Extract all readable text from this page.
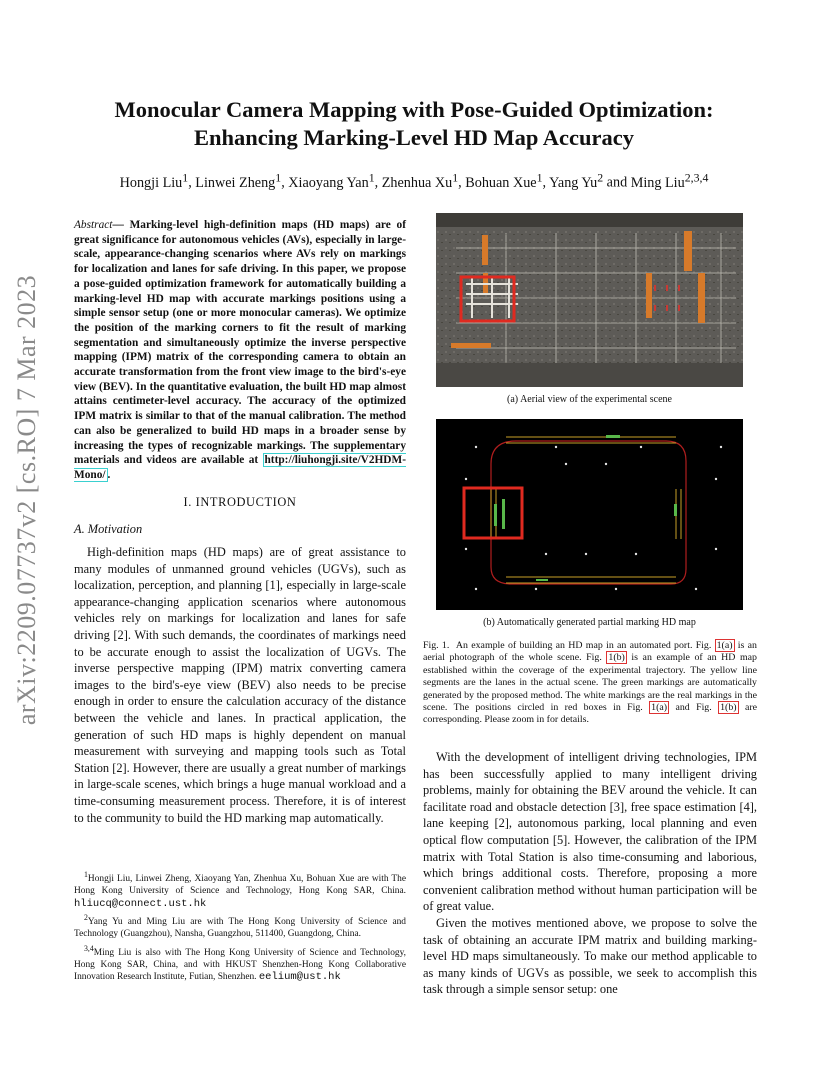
arXiv:2209.07737v2 [cs.RO] 7 Mar 2023
Monocular Camera Mapping with Pose-Guided Optimization:
Enhancing Marking-Level HD Map Accuracy
Hongji Liu$^1$, Linwei Zheng$^1$, Xiaoyang Yan$^1$, Zhenhua Xu$^1$, Bohuan Xue$^1$, Yang Yu$^2$ and Ming Liu$^{2,3,4}$
Abstract— Marking-level high-definition maps (HD maps) are of great significance for autonomous vehicles (AVs), especially in large-scale, appearance-changing scenarios where AVs rely on markings for localization and lanes for safe driving. In this paper, we propose a pose-guided optimization framework for automatically building a marking-level HD map with accurate markings positions using a simple sensor setup (one or more monocular cameras). We optimize the position of the marking corners to fit the result of marking segmentation and simultaneously optimize the inverse perspective mapping (IPM) matrix of the corresponding camera to obtain an accurate transformation from the front view image to the bird's-eye view (BEV). In the quantitative evaluation, the built HD map almost attains centimeter-level accuracy. The accuracy of the optimized IPM matrix is similar to that of the manual calibration. The method can also be generalized to build HD maps in a broader sense by increasing the types of recognizable markings. The supplementary materials and videos are available at http://liuhongji.site/V2HDM-Mono/ .
I. INTRODUCTION
A. Motivation

High-definition maps (HD maps) are of great assistance to many modules of unmanned ground vehicles (UGVs), such as localization, perception, and planning [1], especially in large-scale appearance-changing application scenarios where autonomous vehicles rely on markings for localization and lanes for safe driving [2]. With such demands, the coordinates of markings need to be accurate enough to assist the localization of UGVs. The inverse perspective mapping (IPM) matrix converting camera images to the bird's-eye view (BEV) also needs to be precise enough in order to ensure the calculation accuracy of the distance between the vehicle and lanes. In practical application, the generation of such HD maps is highly dependent on manual measurement with surveying and mapping tools such as Total Station [2]. However, there are usually a great number of markings in large-scale scenes, which brings a huge manual workload and a time-consuming measurement process. Therefore, it is of interest to the community to build the HD marking map automatically.

$^1$Hongji Liu, Linwei Zheng, Xiaoyang Yan, Zhenhua Xu, Bohuan Xue are with The Hong Kong University of Science and Technology, Hong Kong SAR, China. hliucq@connect.ust.hk

$^2$Yang Yu and Ming Liu are with The Hong Kong University of Science and Technology (Guangzhou), Nansha, Guangzhou, 511400, Guangdong, China.

$^{3,4}$Ming Liu is also with The Hong Kong University of Science and Technology, Hong Kong SAR, China, and with HKUST Shenzhen-Hong Kong Collaborative Innovation Research Institute, Futian, Shenzhen. eelium@ust.hk

(a) Aerial view of the experimental scene
(b) Automatically generated partial marking HD map
Fig. 1. An example of building an HD map in an automated port. Fig. 1(a) is an aerial photograph of the whole scene. Fig. 1(b) is an example of an HD map established within the coverage of the experimental trajectory. The yellow line segments are the lanes in the actual scene. The green markings are automatically generated by the proposed method. The white markings are the real markings in the scene. The positions circled in red boxes in Fig. 1(a) and Fig. 1(b) are corresponding. Please zoom in for details.

With the development of intelligent driving technologies, IPM has been successfully applied to many intelligent driving problems, mainly for obtaining the BEV around the vehicle. It can facilitate road and obstacle detection [3], free space estimation [4], lane keeping [2], autonomous parking, local planning and even optical flow computation [5]. However, the calibration of the IPM matrix with Total Station is also time-consuming and laborious, which brings additional costs. Therefore, proposing a more convenient calibration method without human participation will be of great value.

Given the motives mentioned above, we propose to solve the task of obtaining an accurate IPM matrix and building marking-level HD maps simultaneously. To make our method applicable to as many kinds of UGVs as possible, we seek to accomplish this task through a simple sensor setup: one
